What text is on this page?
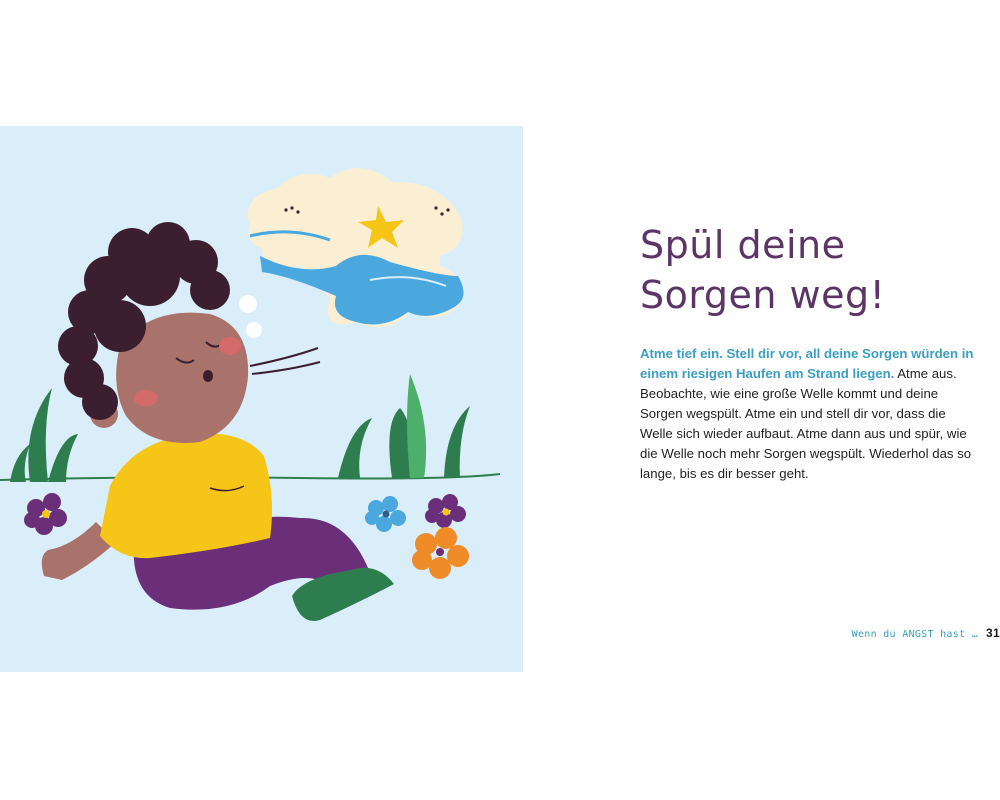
Spül deine
Sorgen weg!

Atme tief ein. Stell dir vor, all deine Sorgen würden in einem riesigen Haufen am Strand liegen. Atme aus. Beobachte, wie eine große Welle kommt und deine Sorgen wegspült. Atme ein und stell dir vor, dass die Welle sich wieder aufbaut. Atme dann aus und spür, wie die Welle noch mehr Sorgen wegspült. Wiederhol das so lange, bis es dir besser geht.

Wenn du ANGST hast … 31
